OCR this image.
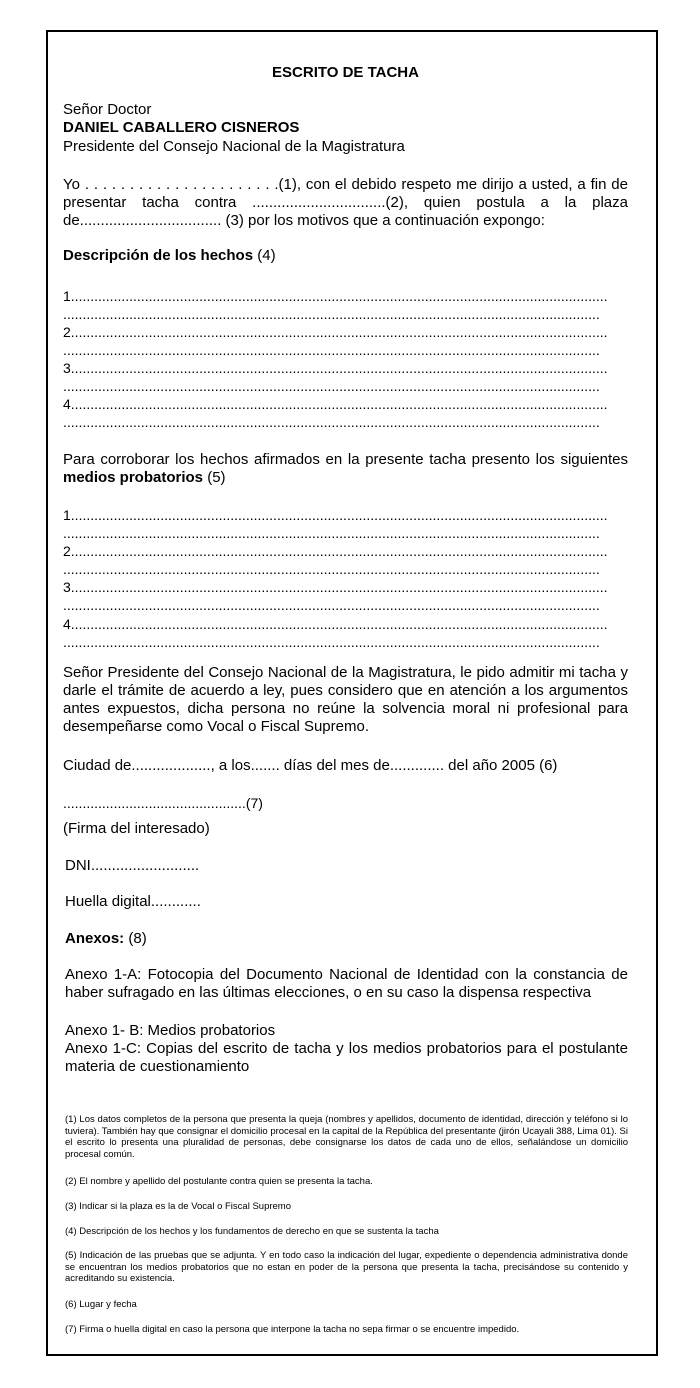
ESCRITO DE TACHA
Señor Doctor
DANIEL CABALLERO CISNEROS
Presidente del Consejo Nacional de la Magistratura
Yo . . . . . . . . . . . . . . . . . . . . . .(1), con el debido respeto me dirijo a usted, a fin de presentar tacha contra ................................(2), quien postula a la plaza de.................................. (3) por los motivos que a continuación expongo:
Descripción de los hechos (4)
1..........................................................................................................................................
..........................................................................................................................................
2..........................................................................................................................................
..........................................................................................................................................
3..........................................................................................................................................
..........................................................................................................................................
4..........................................................................................................................................
..........................................................................................................................................
Para corroborar los hechos afirmados en la presente tacha presento los siguientes medios probatorios (5)
1..........................................................................................................................................
..........................................................................................................................................
2..........................................................................................................................................
..........................................................................................................................................
3..........................................................................................................................................
..........................................................................................................................................
4..........................................................................................................................................
..........................................................................................................................................
Señor Presidente del Consejo Nacional de la Magistratura, le pido admitir mi tacha y darle el trámite de acuerdo a ley, pues considero que en atención a los argumentos antes expuestos, dicha persona no reúne la solvencia moral ni profesional para desempeñarse como Vocal o Fiscal Supremo.
Ciudad de..................., a los....... días del mes de............. del año 2005 (6)
...............................................(7)
(Firma del interesado)
DNI..........................
Huella digital............
Anexos: (8)
Anexo 1-A: Fotocopia del Documento Nacional de Identidad con la constancia de haber sufragado en las últimas elecciones, o en su caso la dispensa respectiva
Anexo 1- B: Medios probatorios
Anexo 1-C: Copias del escrito de tacha y los medios probatorios para el postulante materia de cuestionamiento
(1) Los datos completos de la persona que presenta la queja (nombres y apellidos, documento de identidad, dirección y teléfono si lo tuviera). También hay que consignar el domicilio procesal en la capital de la República del presentante (jirón Ucayali 388, Lima 01). Si el escrito lo presenta una pluralidad de personas, debe consignarse los datos de cada uno de ellos, señalándose un domicilio procesal común.
(2) El nombre y apellido del postulante contra quien se presenta la tacha.
(3) Indicar si la plaza es la de Vocal o Fiscal Supremo
(4) Descripción de los hechos y los fundamentos de derecho en que se sustenta la tacha
(5) Indicación de las pruebas que se adjunta. Y en todo caso la indicación del lugar, expediente o dependencia administrativa donde se encuentran los medios probatorios que no estan en poder de la persona que presenta la tacha, precisándose su contenido y acreditando su existencia.
(6) Lugar y fecha
(7) Firma o huella digital en caso la persona que interpone la tacha no sepa firmar o se encuentre impedido.
